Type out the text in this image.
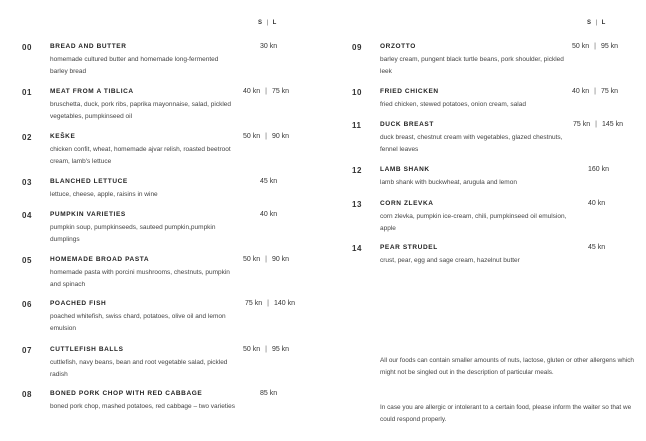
S | L
00	BREAD AND BUTTER
homemade cultured butter and homemade long-fermented barley bread
30 kn
01	MEAT FROM A TIBLICA
bruschetta, duck, pork ribs, paprika mayonnaise, salad, pickled vegetables, pumpkinseed oil
40 kn | 75 kn
02	KEŠKE
chicken confit, wheat, homemade ajvar relish, roasted beetroot cream, lamb's lettuce
50 kn | 90 kn
03	BLANCHED LETTUCE
lettuce, cheese, apple, raisins in wine
45 kn
04	PUMPKIN VARIETIES
pumpkin soup, pumpkinseeds, sauteed pumpkin,pumpkin dumplings
40 kn
05	HOMEMADE BROAD PASTA
homemade pasta with porcini mushrooms, chestnuts, pumpkin and spinach
50 kn | 90 kn
06	POACHED FISH
poached whitefish, swiss chard, potatoes, olive oil and lemon emulsion
75 kn | 140 kn
07	CUTTLEFISH BALLS
cuttlefish, navy beans, bean and root vegetable salad, pickled radish
50 kn | 95 kn
08	BONED PORK CHOP WITH RED CABBAGE
boned pork chop, mashed potatoes, red cabbage – two varieties
85 kn
S | L
09	ORZOTTO
barley cream, pungent black turtle beans, pork shoulder, pickled leek
50 kn | 95 kn
10	FRIED CHICKEN
fried chicken, stewed potatoes, onion cream, salad
40 kn | 75 kn
11	DUCK BREAST
duck breast, chestnut cream with vegetables, glazed chestnuts, fennel leaves
75 kn | 145 kn
12	LAMB SHANK
lamb shank with buckwheat, arugula and lemon
160 kn
13	CORN ZLEVKA
corn zlevka, pumpkin ice-cream, chili, pumpkinseed oil emulsion, apple
40 kn
14	PEAR STRUDEL
crust, pear, egg and sage cream, hazelnut butter
45 kn
All our foods can contain smaller amounts of nuts, lactose, gluten or other allergens which might not be singled out in the description of particular meals.
In case you are allergic or intolerant to a certain food, please inform the waiter so that we could respond properly.
